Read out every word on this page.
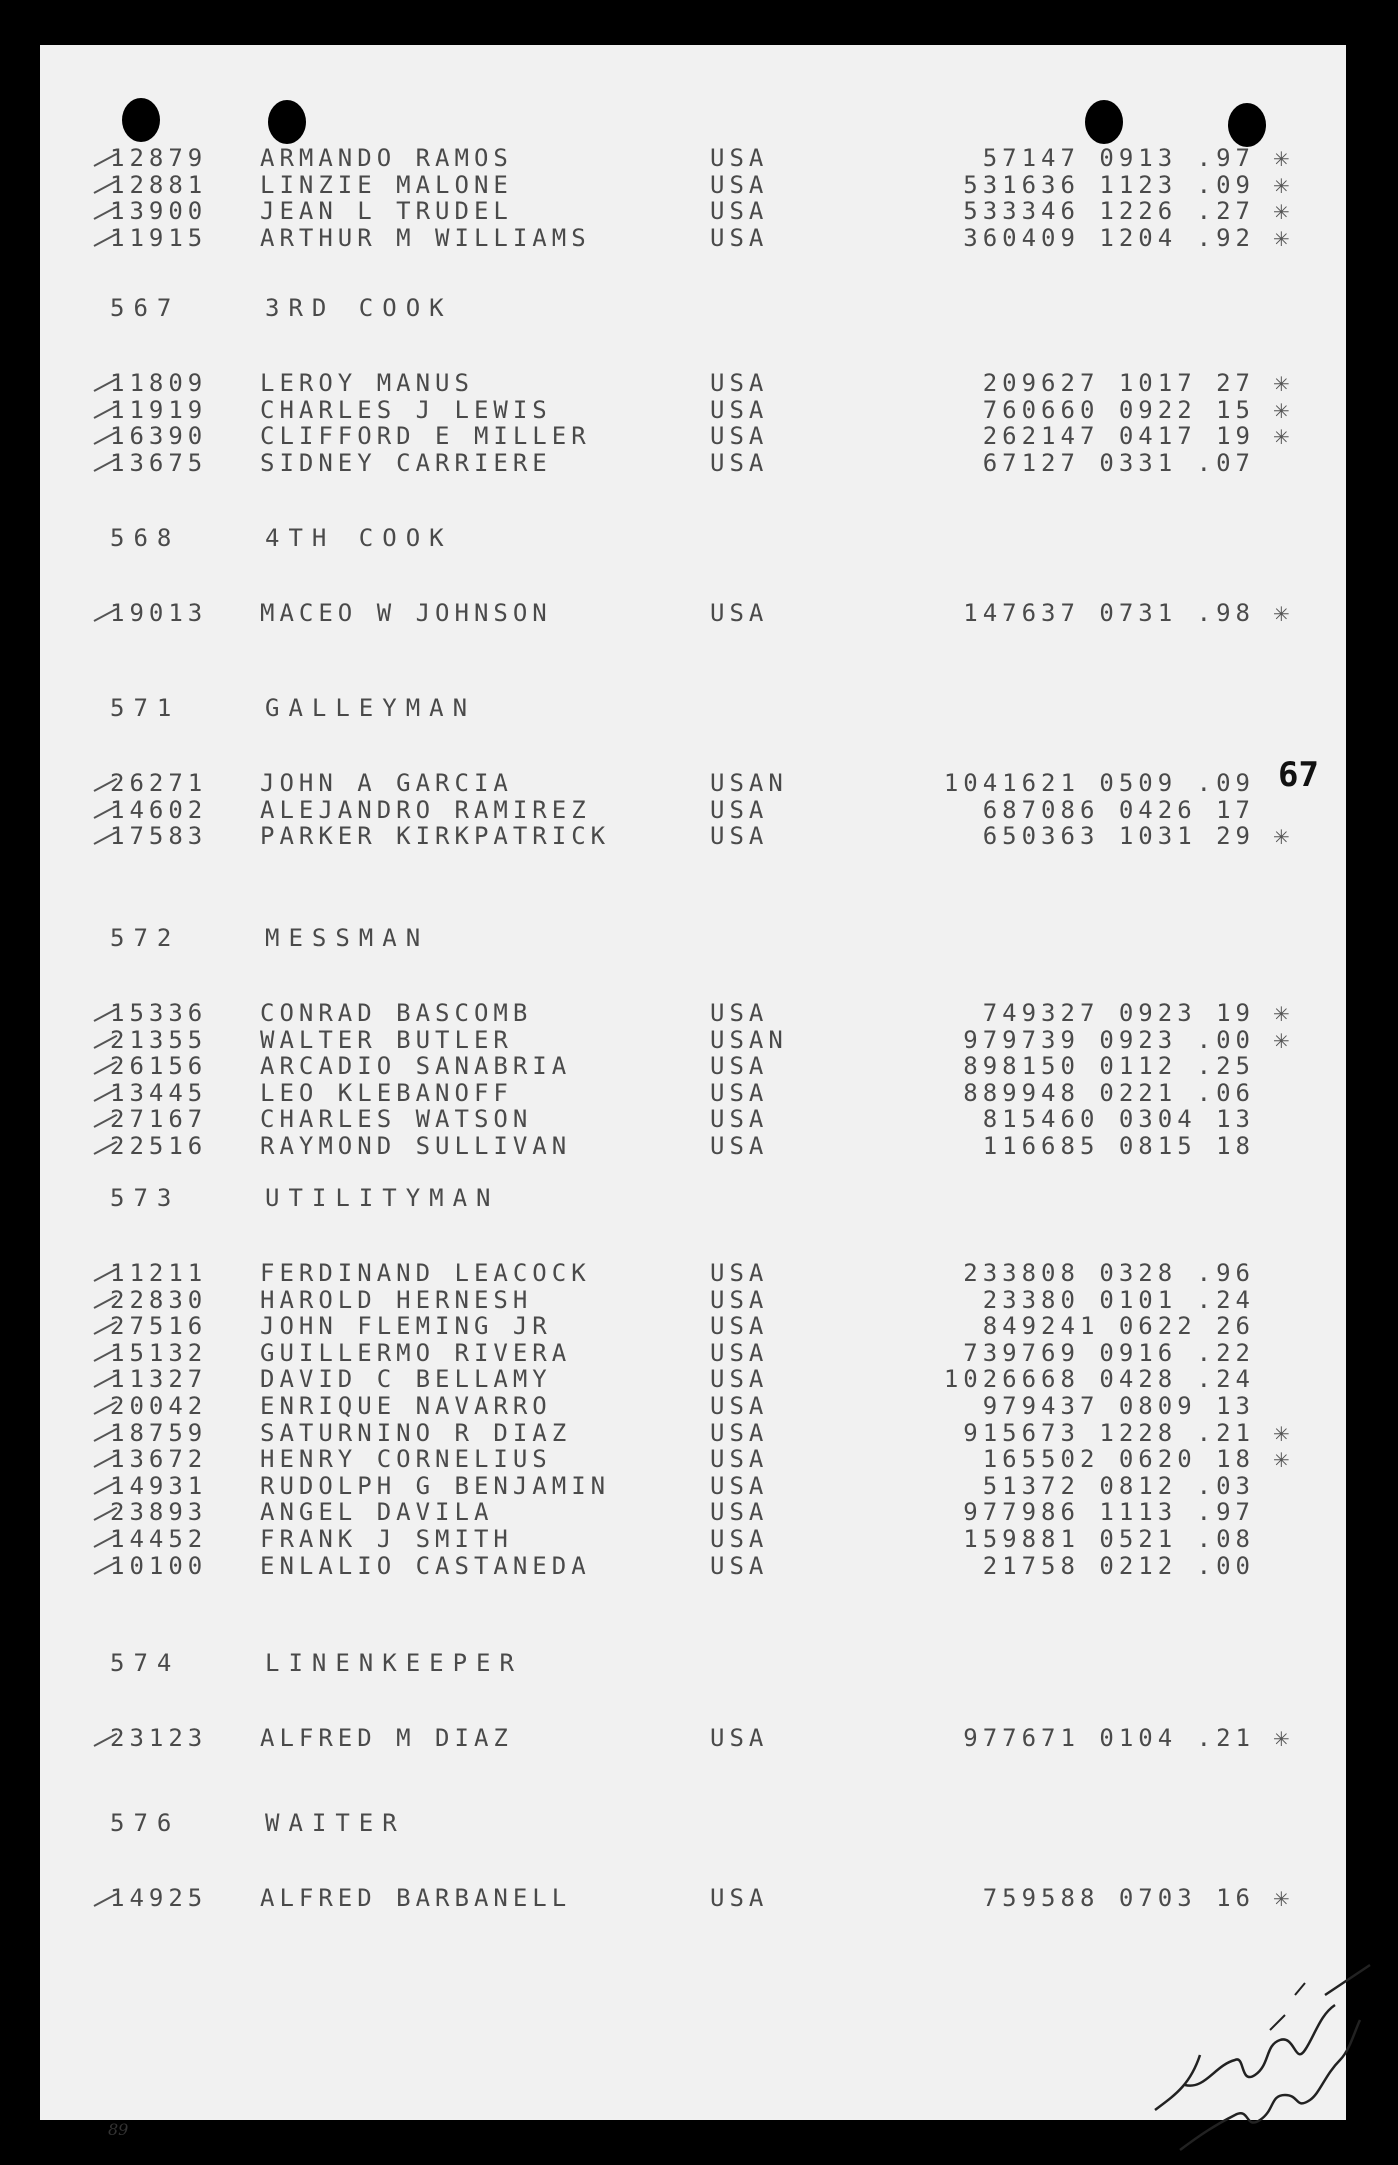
12879 ARMANDO RAMOS	USA	57147 0913 .97 ✳
12881 LINZIE MALONE	USA	531636 1123 .09 ✳
13900 JEAN L TRUDEL	USA	533346 1226 .27 ✳
11915 ARTHUR M WILLIAMS	USA	360409 1204 .92 ✳
567	3RD COOK
11809 LEROY MANUS	USA	209627 1017 27 ✳
11919 CHARLES J LEWIS	USA	760660 0922 15 ✳
16390 CLIFFORD E MILLER	USA	262147 0417 19 ✳
13675 SIDNEY CARRIERE	USA	67127 0331 .07
568	4TH COOK
19013 MACEO W JOHNSON	USA	147637 0731 .98 ✳
571	GALLEYMAN
26271 JOHN A GARCIA	USAN	1041621 0509 .09
14602 ALEJANDRO RAMIREZ	USA	687086 0426 17
17583 PARKER KIRKPATRICK	USA	650363 1031 29 ✳
572	MESSMAN
15336 CONRAD BASCOMB	USA	749327 0923 19 ✳
21355 WALTER BUTLER	USAN	979739 0923 .00 ✳
26156 ARCADIO SANABRIA	USA	898150 0112 .25
13445 LEO KLEBANOFF	USA	889948 0221 .06
27167 CHARLES WATSON	USA	815460 0304 13
22516 RAYMOND SULLIVAN	USA	116685 0815 18
573	UTILITYMAN
11211 FERDINAND LEACOCK	USA	233808 0328 .96
22830 HAROLD HERNESH	USA	23380 0101 .24
27516 JOHN FLEMING JR	USA	849241 0622 26
15132 GUILLERMO RIVERA	USA	739769 0916 .22
11327 DAVID C BELLAMY	USA	1026668 0428 .24
20042 ENRIQUE NAVARRO	USA	979437 0809 13
18759 SATURNINO R DIAZ	USA	915673 1228 .21 ✳
13672 HENRY CORNELIUS	USA	165502 0620 18 ✳
14931 RUDOLPH G BENJAMIN	USA	51372 0812 .03
23893 ANGEL DAVILA	USA	977986 1113 .97
14452 FRANK J SMITH	USA	159881 0521 .08
10100 ENLALIO CASTANEDA	USA	21758 0212 .00
574	LINENKEEPER
23123 ALFRED M DIAZ	USA	977671 0104 .21 ✳
576	WAITER
14925 ALFRED BARBANELL	USA	759588 0703 16 ✳
67
89
